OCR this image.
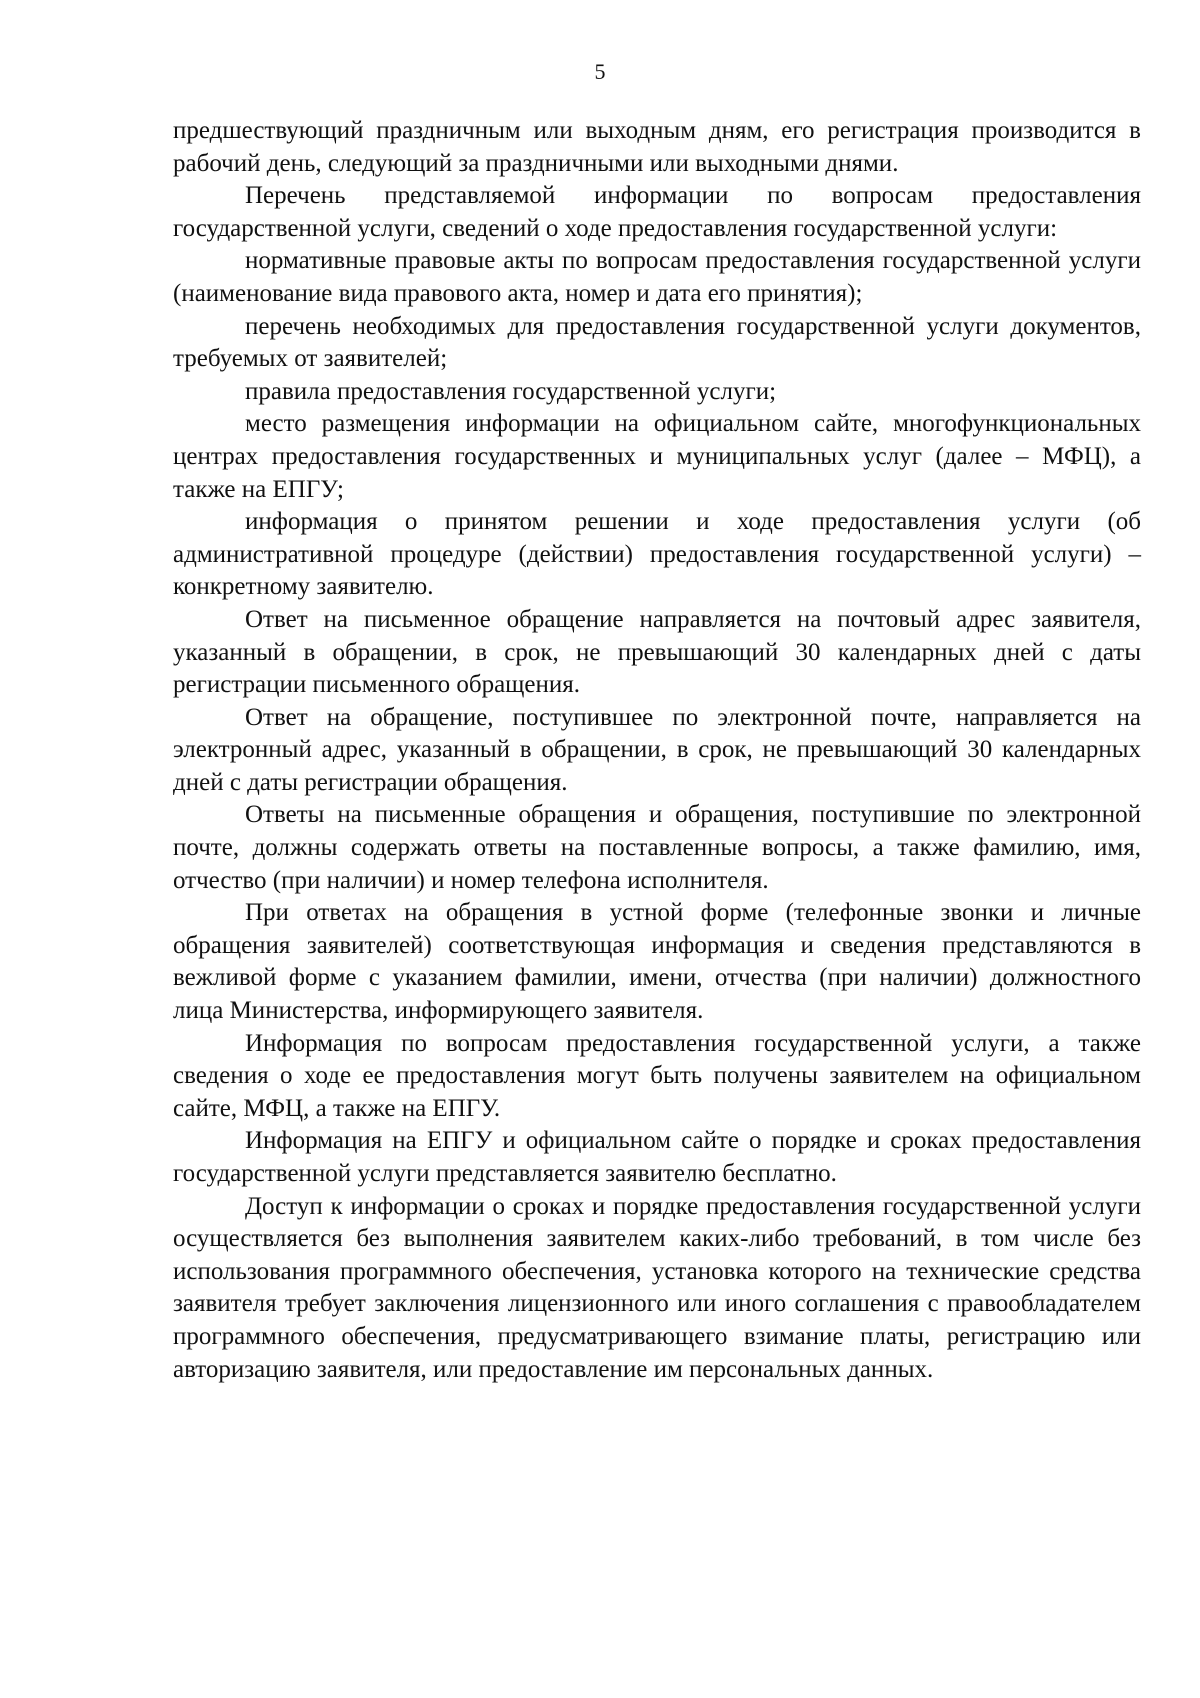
5

предшествующий праздничным или выходным дням, его регистрация производится в рабочий день, следующий за праздничными или выходными днями.

Перечень представляемой информации по вопросам предоставления государственной услуги, сведений о ходе предоставления государственной услуги:

нормативные правовые акты по вопросам предоставления государственной услуги (наименование вида правового акта, номер и дата его принятия);

перечень необходимых для предоставления государственной услуги документов, требуемых от заявителей;

правила предоставления государственной услуги;

место размещения информации на официальном сайте, многофункциональных центрах предоставления государственных и муниципальных услуг (далее – МФЦ), а также на ЕПГУ;

информация о принятом решении и ходе предоставления услуги (об административной процедуре (действии) предоставления государственной услуги) – конкретному заявителю.

Ответ на письменное обращение направляется на почтовый адрес заявителя, указанный в обращении, в срок, не превышающий 30 календарных дней с даты регистрации письменного обращения.

Ответ на обращение, поступившее по электронной почте, направляется на электронный адрес, указанный в обращении, в срок, не превышающий 30 календарных дней с даты регистрации обращения.

Ответы на письменные обращения и обращения, поступившие по электронной почте, должны содержать ответы на поставленные вопросы, а также фамилию, имя, отчество (при наличии) и номер телефона исполнителя.

При ответах на обращения в устной форме (телефонные звонки и личные обращения заявителей) соответствующая информация и сведения представляются в вежливой форме с указанием фамилии, имени, отчества (при наличии) должностного лица Министерства, информирующего заявителя.

Информация по вопросам предоставления государственной услуги, а также сведения о ходе ее предоставления могут быть получены заявителем на официальном сайте, МФЦ, а также на ЕПГУ.

Информация на ЕПГУ и официальном сайте о порядке и сроках предоставления государственной услуги представляется заявителю бесплатно.

Доступ к информации о сроках и порядке предоставления государственной услуги осуществляется без выполнения заявителем каких-либо требований, в том числе без использования программного обеспечения, установка которого на технические средства заявителя требует заключения лицензионного или иного соглашения с правообладателем программного обеспечения, предусматривающего взимание платы, регистрацию или авторизацию заявителя, или предоставление им персональных данных.
